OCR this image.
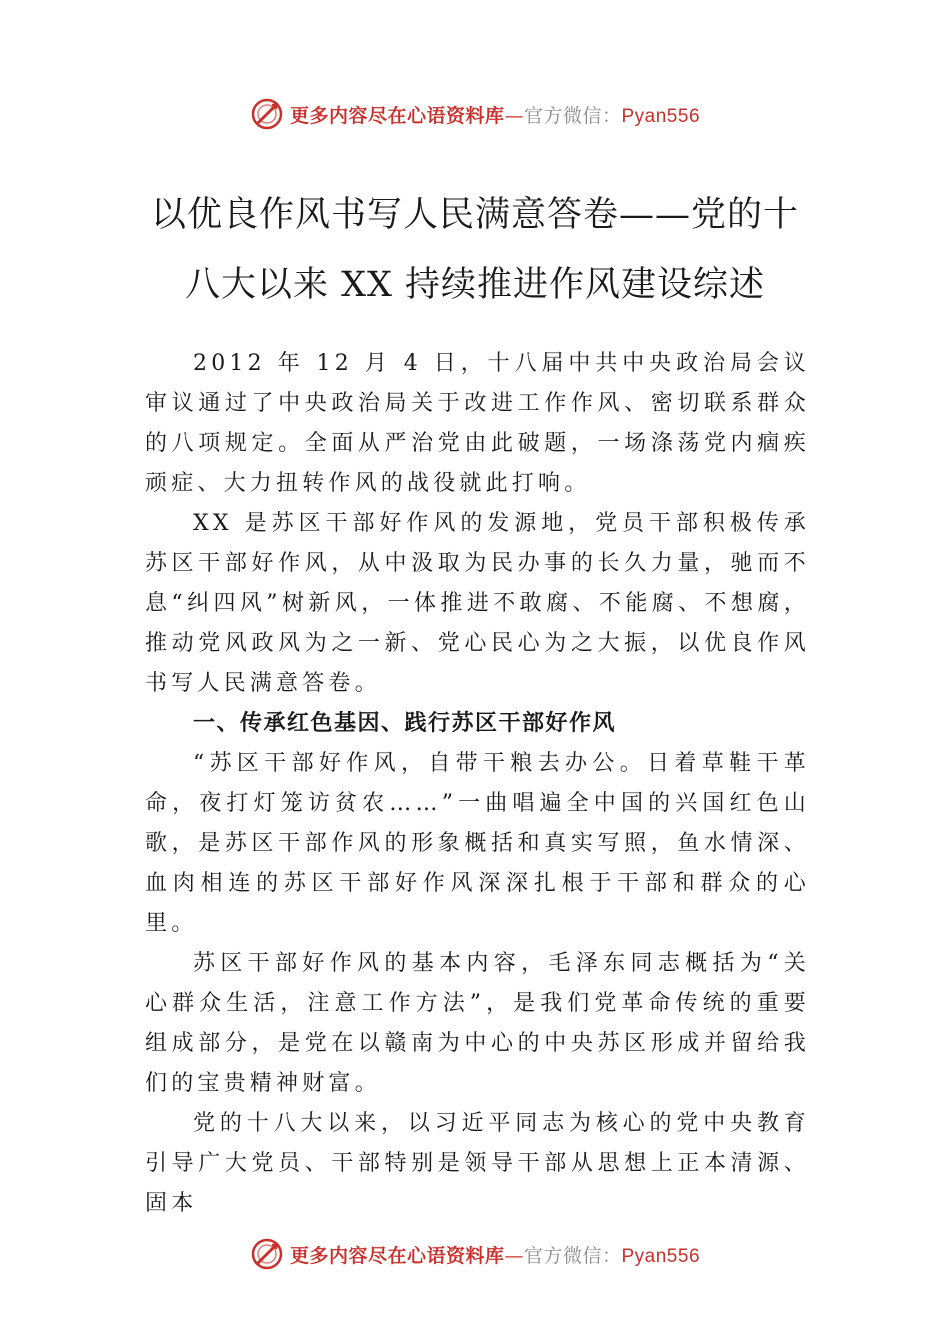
更多内容尽在心语资料库—官方微信：Pyan556
以优良作风书写人民满意答卷——党的十
八大以来 XX 持续推进作风建设综述

2012 年 12 月 4 日，十八届中共中央政治局会议审议通过了中央政治局关于改进工作作风、密切联系群众的八项规定。全面从严治党由此破题，一场涤荡党内痼疾顽症、大力扭转作风的战役就此打响。

XX 是苏区干部好作风的发源地，党员干部积极传承苏区干部好作风，从中汲取为民办事的长久力量，驰而不息“纠四风”树新风，一体推进不敢腐、不能腐、不想腐，推动党风政风为之一新、党心民心为之大振，以优良作风书写人民满意答卷。

一、传承红色基因、践行苏区干部好作风

“苏区干部好作风，自带干粮去办公。日着草鞋干革命，夜打灯笼访贫农……”一曲唱遍全中国的兴国红色山歌，是苏区干部作风的形象概括和真实写照，鱼水情深、血肉相连的苏区干部好作风深深扎根于干部和群众的心里。

苏区干部好作风的基本内容，毛泽东同志概括为“关心群众生活，注意工作方法”，是我们党革命传统的重要组成部分，是党在以赣南为中心的中央苏区形成并留给我们的宝贵精神财富。

党的十八大以来，以习近平同志为核心的党中央教育引导广大党员、干部特别是领导干部从思想上正本清源、固本

更多内容尽在心语资料库—官方微信：Pyan556
